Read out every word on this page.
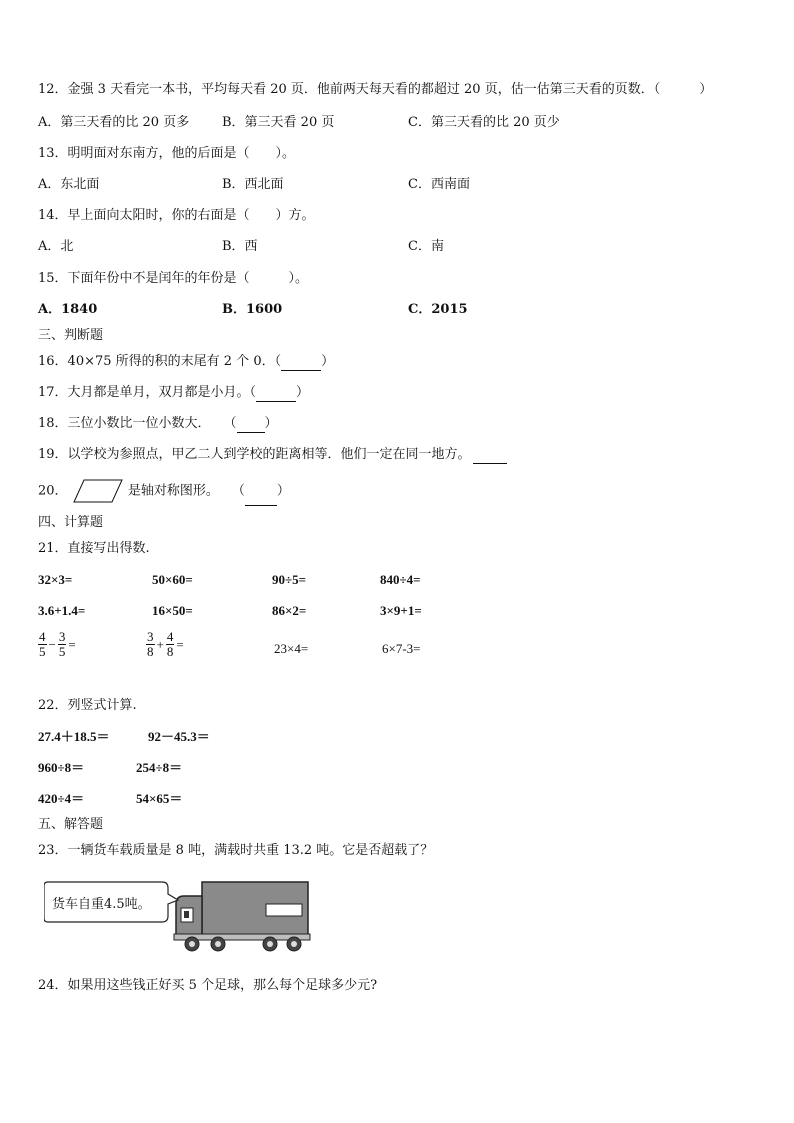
12．金强 3 天看完一本书，平均每天看 20 页．他前两天每天看的都超过 20 页，估一估第三天看的页数．（　　　）
A．第三天看的比 20 页多	B．第三天看 20 页	C．第三天看的比 20 页少
13．明明面对东南方，他的后面是（　　）。
A．东北面	B．西北面	C．西南面
14．早上面向太阳时，你的右面是（　　）方。
A．北	B．西	C．南
15．下面年份中不是闰年的年份是（　　　）。
A．1840	B．1600	C．2015
三、判断题
16．40×75 所得的积的末尾有 2 个 0．（	）
17．大月都是单月，双月都是小月。（	）
18．三位小数比一位小数大．　　（ ）
19．以学校为参照点，甲乙二人到学校的距离相等．他们一定在同一地方。
20．	是轴对称图形。　　（ ）
四、计算题
21．直接写出得数.
32×3=	50×60=	90÷5=	840÷4=
3.6+1.4=	16×50=	86×2=	3×9+1=
$\frac{4}{5} - \frac{3}{5}$ =	$\frac{3}{8} + \frac{4}{8}$ =	23×4=	6×7-3=
22．列竖式计算.
27.4＋18.5＝	92－45.3＝
960÷8＝	254÷8＝
420÷4＝	54×65＝
五、解答题
23．一辆货车载质量是 8 吨，满载时共重 13.2 吨。它是否超载了？
货车自重4.5吨。
24．如果用这些钱正好买 5 个足球，那么每个足球多少元?
